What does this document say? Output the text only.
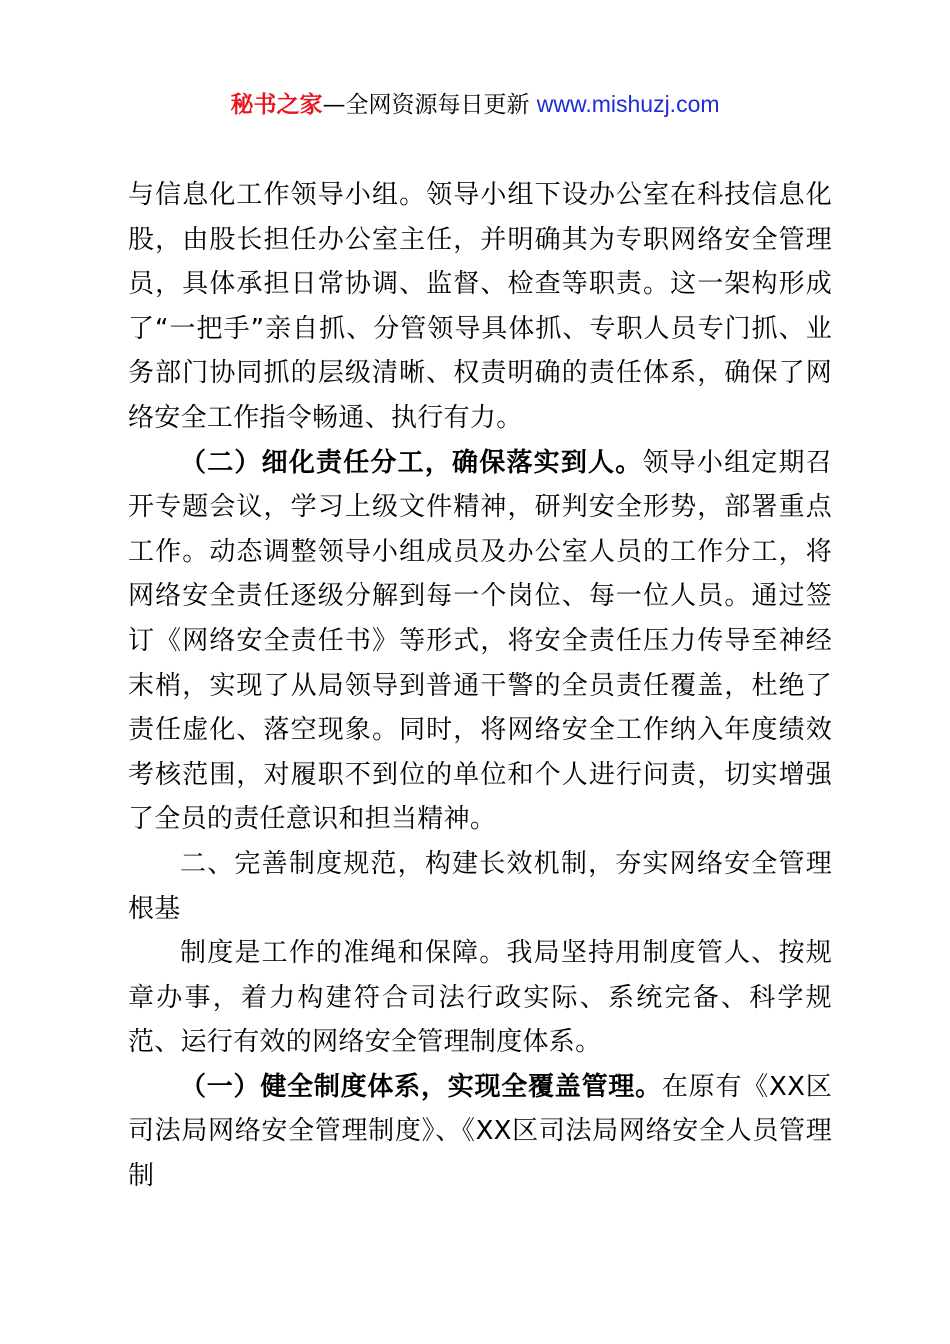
秘书之家—全网资源每日更新 www.mishuzj.com

与信息化工作领导小组。领导小组下设办公室在科技信息化股，由股长担任办公室主任，并明确其为专职网络安全管理员，具体承担日常协调、监督、检查等职责。这一架构形成了“一把手”亲自抓、分管领导具体抓、专职人员专门抓、业务部门协同抓的层级清晰、权责明确的责任体系，确保了网络安全工作指令畅通、执行有力。

（二）细化责任分工，确保落实到人。领导小组定期召开专题会议，学习上级文件精神，研判安全形势，部署重点工作。动态调整领导小组成员及办公室人员的工作分工，将网络安全责任逐级分解到每一个岗位、每一位人员。通过签订《网络安全责任书》等形式，将安全责任压力传导至神经末梢，实现了从局领导到普通干警的全员责任覆盖，杜绝了责任虚化、落空现象。同时，将网络安全工作纳入年度绩效考核范围，对履职不到位的单位和个人进行问责，切实增强了全员的责任意识和担当精神。

二、完善制度规范，构建长效机制，夯实网络安全管理根基

制度是工作的准绳和保障。我局坚持用制度管人、按规章办事，着力构建符合司法行政实际、系统完备、科学规范、运行有效的网络安全管理制度体系。

（一）健全制度体系，实现全覆盖管理。在原有《XX区司法局网络安全管理制度》、《XX区司法局网络安全人员管理制
